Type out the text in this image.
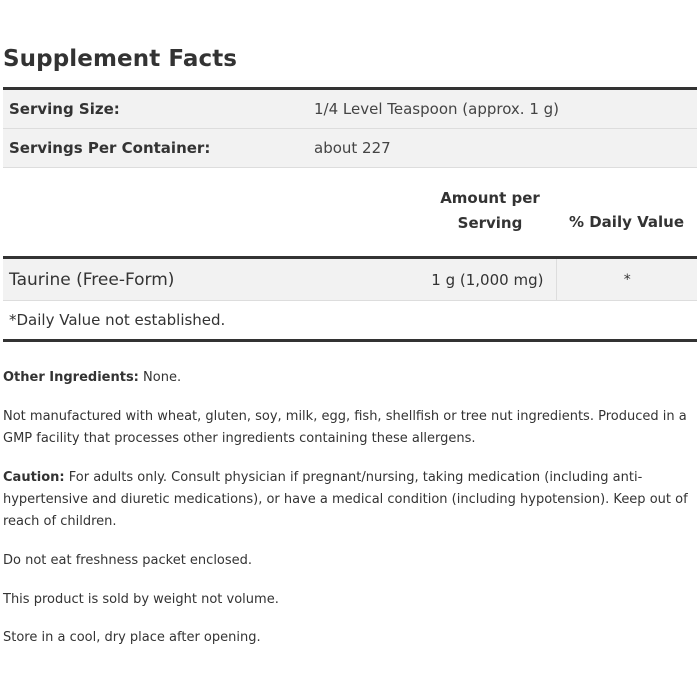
Supplement Facts
Serving Size:	1/4 Level Teaspoon (approx. 1 g)
Servings Per Container:	about 227
Amount per
Serving	% Daily Value
Taurine (Free-Form)	1 g (1,000 mg)	*
*Daily Value not established.
Other Ingredients: None.
Not manufactured with wheat, gluten, soy, milk, egg, fish, shellfish or tree nut ingredients. Produced in a GMP facility that processes other ingredients containing these allergens.
Caution: For adults only. Consult physician if pregnant/nursing, taking medication (including anti-hypertensive and diuretic medications), or have a medical condition (including hypotension). Keep out of reach of children.
Do not eat freshness packet enclosed.
This product is sold by weight not volume.
Store in a cool, dry place after opening.
